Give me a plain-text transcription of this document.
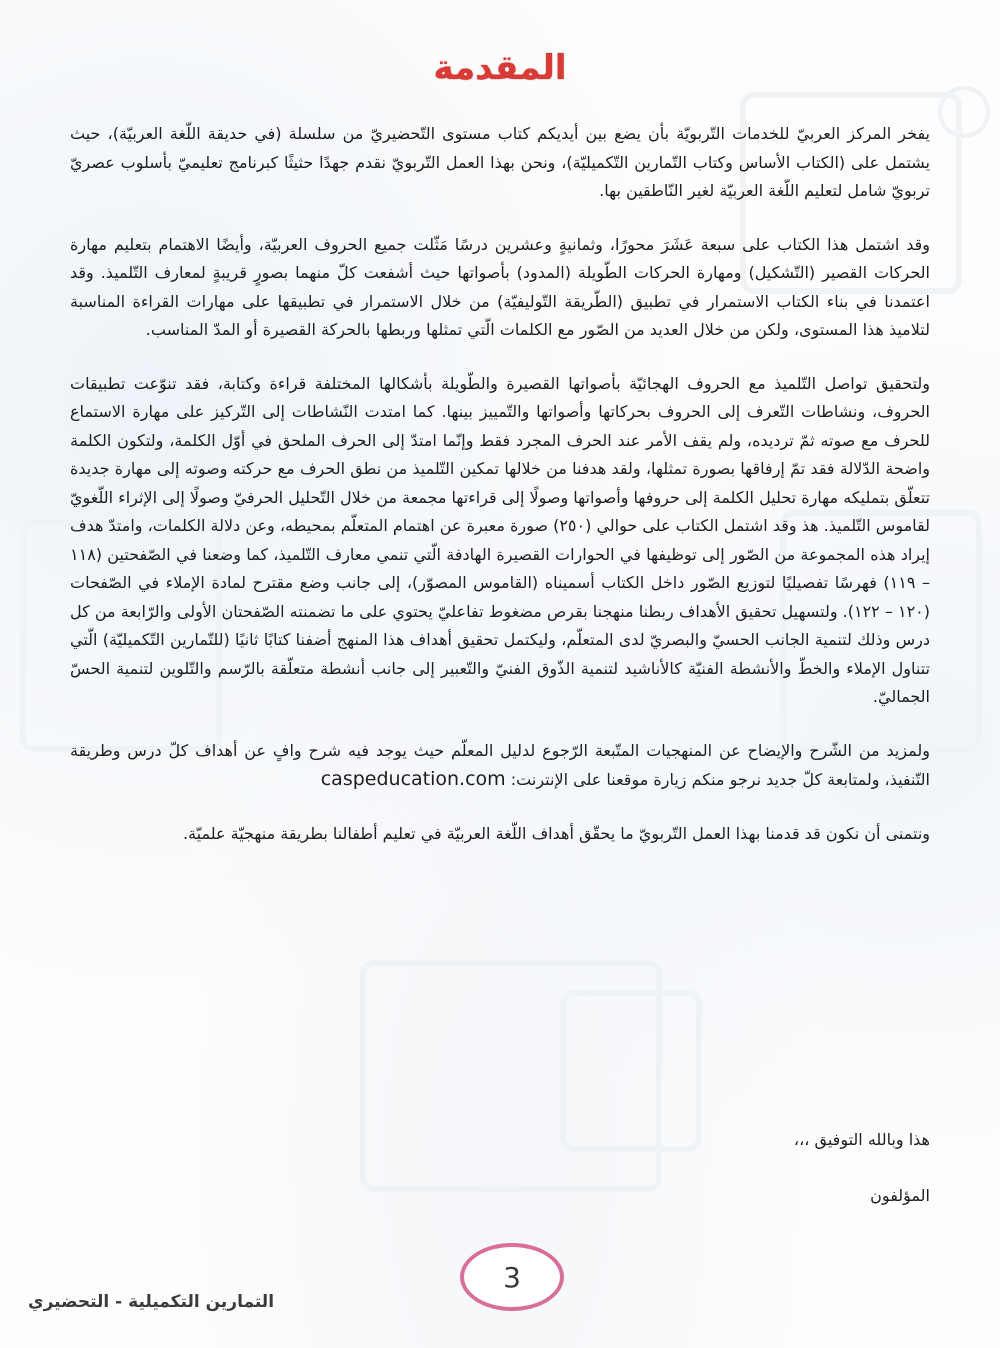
المقدمة

يفخر المركز العربيّ للخدمات التّربويّة بأن يضع بين أيديكم كتاب مستوى التّحضيريّ من سلسلة (في حديقة اللّغة العربيّة)، حيث يشتمل على (الكتاب الأساس وكتاب التّمارين التّكميليّة)، ونحن بهذا العمل التّربويّ نقدم جهدًا حثيثًا كبرنامج تعليميّ بأسلوب عصريّ تربويّ شامل لتعليم اللّغة العربيّة لغير النّاطقين بها.

وقد اشتمل هذا الكتاب على سبعة عَشَرَ محورًا، وثمانيةٍ وعشرين درسًا مَثّلت جميع الحروف العربيّة، وأيضًا الاهتمام بتعليم مهارة الحركات القصير (التّشكيل) ومهارة الحركات الطّويلة (المدود) بأصواتها حيث أشفعت كلّ منهما بصورٍ قريبةٍ لمعارف التّلميذ. وقد اعتمدنا في بناء الكتاب الاستمرار في تطبيق (الطّريقة التّوليفيّة) من خلال الاستمرار في تطبيقها على مهارات القراءة المناسبة لتلاميذ هذا المستوى، ولكن من خلال العديد من الصّور مع الكلمات الّتي تمثلها وربطها بالحركة القصيرة أو المدّ المناسب.

ولتحقيق تواصل التّلميذ مع الحروف الهجائيّة بأصواتها القصيرة والطّويلة بأشكالها المختلفة قراءة وكتابة، فقد تنوّعت تطبيقات الحروف، ونشاطات التّعرف إلى الحروف بحركاتها وأصواتها والتّمييز بينها. كما امتدت النّشاطات إلى التّركيز على مهارة الاستماع للحرف مع صوته ثمّ ترديده، ولم يقف الأمر عند الحرف المجرد فقط وإنّما امتدّ إلى الحرف الملحق في أوّل الكلمة، ولتكون الكلمة واضحة الدّلالة فقد تمّ إرفاقها بصورة تمثلها، ولقد هدفنا من خلالها تمكين التّلميذ من نطق الحرف مع حركته وصوته إلى مهارة جديدة تتعلّق بتمليكه مهارة تحليل الكلمة إلى حروفها وأصواتها وصولًا إلى قراءتها مجمعة من خلال التّحليل الحرفيّ وصولًا إلى الإثراء اللّغويّ لقاموس التّلميذ. هذ وقد اشتمل الكتاب على حوالي (٢٥٠) صورة معبرة عن اهتمام المتعلّم بمحيطه، وعن دلالة الكلمات، وامتدّ هدف إيراد هذه المجموعة من الصّور إلى توظيفها في الحوارات القصيرة الهادفة الّتي تنمي معارف التّلميذ، كما وضعنا في الصّفحتين (١١٨ – ١١٩) فهرسًا تفصيليًا لتوزيع الصّور داخل الكتاب أسميناه (القاموس المصوّر)، إلى جانب وضع مقترح لمادة الإملاء في الصّفحات (١٢٠ – ١٢٢). ولتسهيل تحقيق الأهداف ربطنا منهجنا بقرص مضغوط تفاعليّ يحتوي على ما تضمنته الصّفحتان الأولى والرّابعة من كل درس وذلك لتنمية الجانب الحسيّ والبصريّ لدى المتعلّم، وليكتمل تحقيق أهداف هذا المنهج أضفنا كتابًا ثانيًا (للتّمارين التّكميليّة) الّتي تتناول الإملاء والخطّ والأنشطة الفنيّة كالأناشيد لتنمية الذّوق الفنيّ والتّعبير إلى جانب أنشطة متعلّقة بالرّسم والتّلوين لتنمية الحسّ الجماليّ.

ولمزيد من الشّرح والإيضاح عن المنهجيات المتّبعة الرّجوع لدليل المعلّم حيث يوجد فيه شرح وافٍ عن أهداف كلّ درس وطريقة التّنفيذ، ولمتابعة كلّ جديد نرجو منكم زيارة موقعنا على الإنترنت: caspeducation.com

ونتمنى أن نكون قد قدمنا بهذا العمل التّربويّ ما يحقّق أهداف اللّغة العربيّة في تعليم أطفالنا بطريقة منهجيّة علميّة.

هذا وبالله التوفيق ،،،
المؤلفون
3
التمارين التكميلية - التحضيري
